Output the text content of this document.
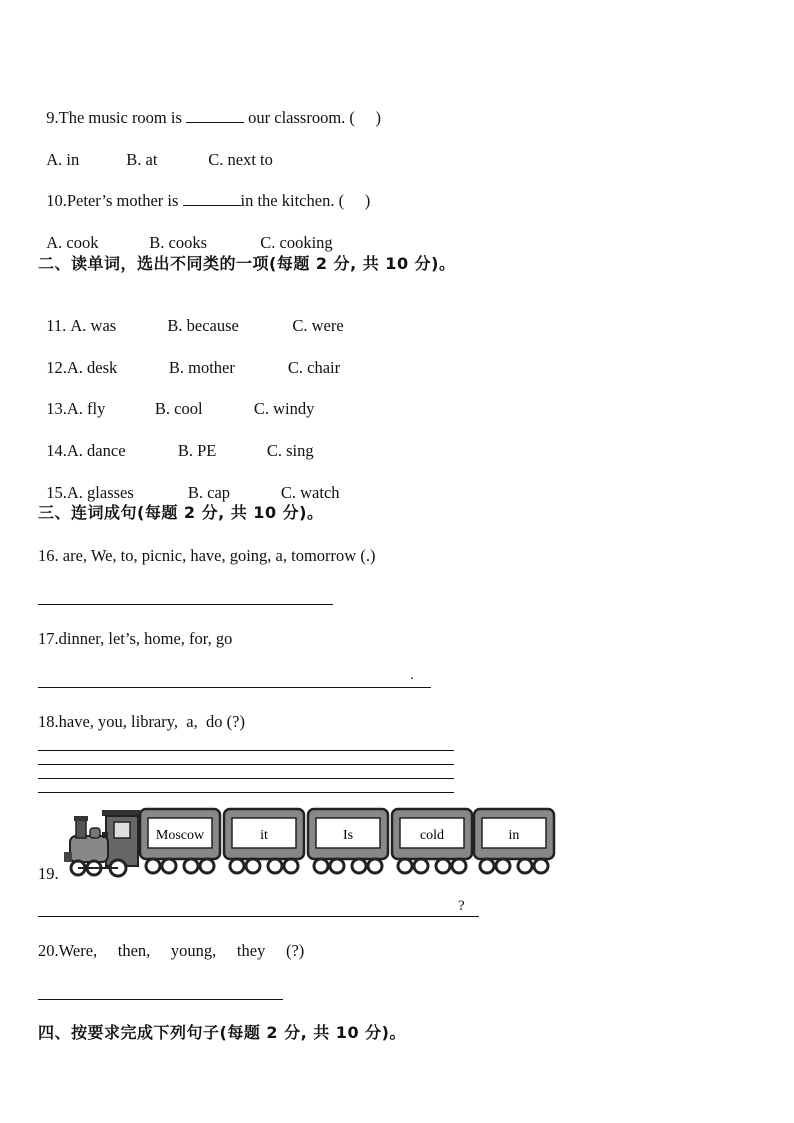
9.The music room is	our classroom. (     )

A. in	B. at	C. next to

10.Peter’s mother is	in the kitchen. (     )

A. cook	B. cooks	C. cooking

二、读单词，选出不同类的一项(每题 2 分, 共 10 分)。

11. A. was	B. because	C. were

12.A. desk	B. mother	C. chair

13.A. fly	B. cool	C. windy

14.A. dance	B. PE	C. sing

15.A. glasses	B. cap	C. watch

三、连词成句(每题 2 分, 共 10 分)。
16. are, We, to, picnic, have, going, a, tomorrow (.)
17.dinner, let’s, home, for, go
.
18.have, you, library,  a,  do (?)
19.
Moscow	it	Is	cold	in
?
20.Were,     then,     young,     they     (?)
四、按要求完成下列句子(每题 2 分, 共 10 分)。
